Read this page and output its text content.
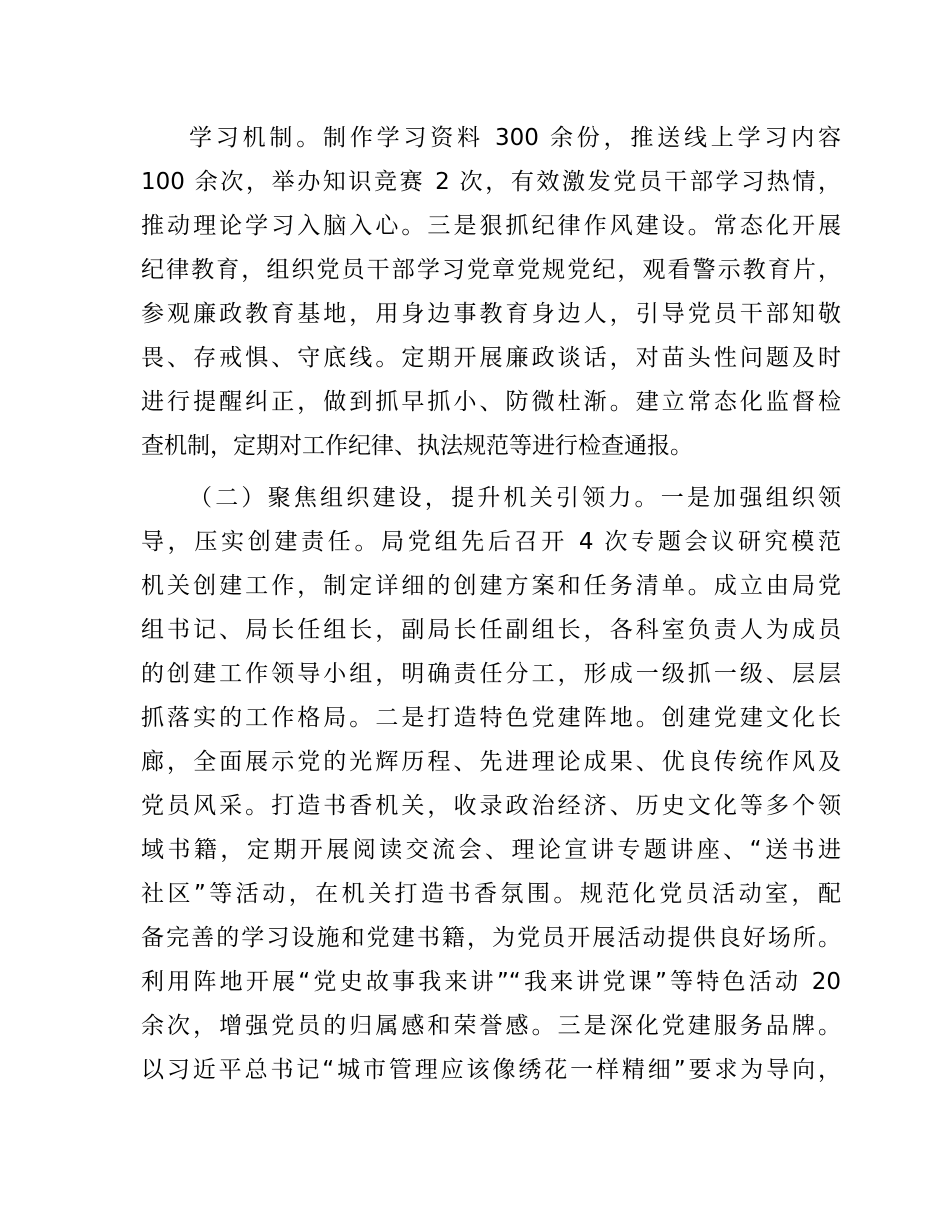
学习机制。制作学习资料 300 余份，推送线上学习内容
100 余次，举办知识竞赛 2 次，有效激发党员干部学习热情，
推动理论学习入脑入心。三是狠抓纪律作风建设。常态化开展
纪律教育，组织党员干部学习党章党规党纪，观看警示教育片，
参观廉政教育基地，用身边事教育身边人，引导党员干部知敬
畏、存戒惧、守底线。定期开展廉政谈话，对苗头性问题及时
进行提醒纠正，做到抓早抓小、防微杜渐。建立常态化监督检
查机制，定期对工作纪律、执法规范等进行检查通报。
（二）聚焦组织建设，提升机关引领力。一是加强组织领
导，压实创建责任。局党组先后召开 4 次专题会议研究模范
机关创建工作，制定详细的创建方案和任务清单。成立由局党
组书记、局长任组长，副局长任副组长，各科室负责人为成员
的创建工作领导小组，明确责任分工，形成一级抓一级、层层
抓落实的工作格局。二是打造特色党建阵地。创建党建文化长
廊，全面展示党的光辉历程、先进理论成果、优良传统作风及
党员风采。打造书香机关，收录政治经济、历史文化等多个领
域书籍，定期开展阅读交流会、理论宣讲专题讲座、“送书进
社区”等活动，在机关打造书香氛围。规范化党员活动室，配
备完善的学习设施和党建书籍，为党员开展活动提供良好场所。
利用阵地开展“党史故事我来讲”“我来讲党课”等特色活动 20
余次，增强党员的归属感和荣誉感。三是深化党建服务品牌。
以习近平总书记“城市管理应该像绣花一样精细”要求为导向，
